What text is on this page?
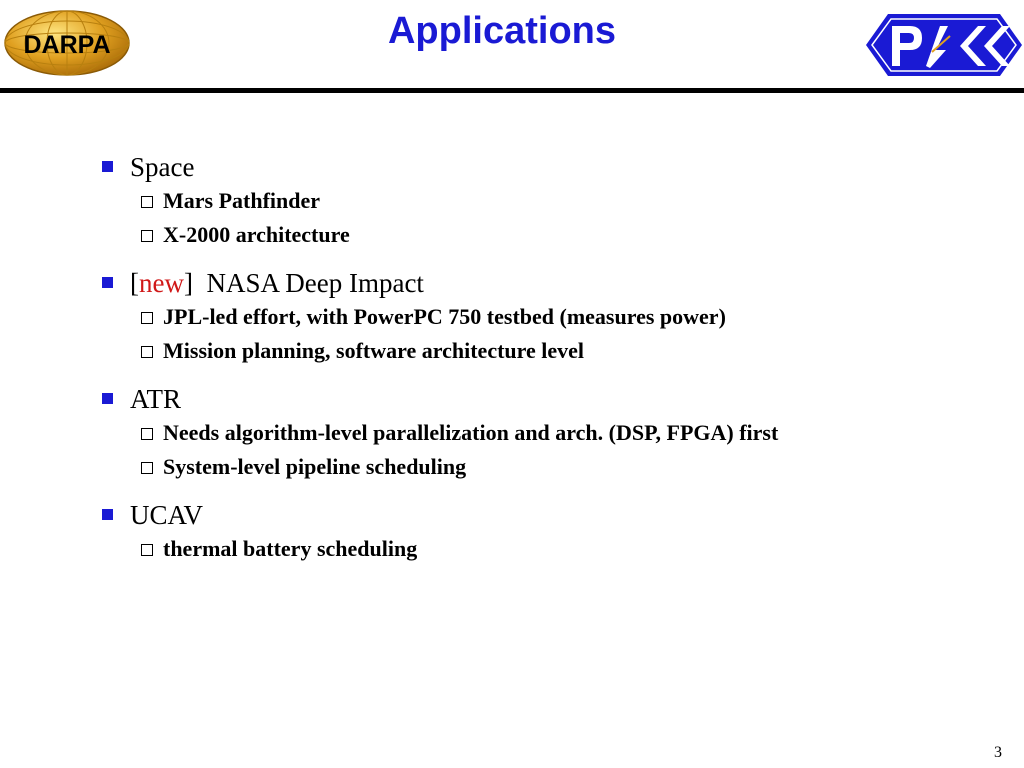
DARPA	Applications
Space
Mars Pathfinder
X-2000 architecture
[new] NASA Deep Impact
JPL-led effort, with PowerPC 750 testbed (measures power)
Mission planning, software architecture level
ATR
Needs algorithm-level parallelization and arch. (DSP, FPGA) first
System-level pipeline scheduling
UCAV
thermal battery scheduling
3
